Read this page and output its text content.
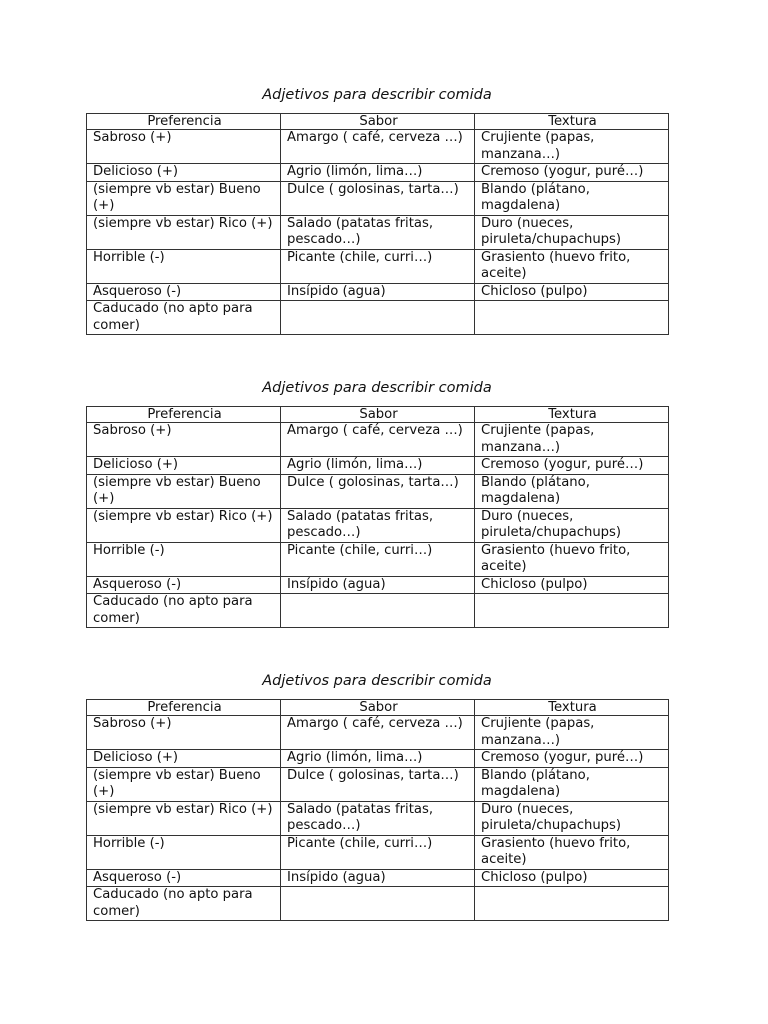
Adjetivos para describir comida
Preferencia	Sabor	Textura
Sabroso (+)	Amargo ( café, cerveza …)	Crujiente (papas, manzana…)
Delicioso (+)	Agrio (limón, lima…)	Cremoso (yogur, puré…)
(siempre vb estar) Bueno (+)	Dulce ( golosinas, tarta…)	Blando (plátano, magdalena)
(siempre vb estar) Rico (+)	Salado (patatas fritas, pescado…)	Duro (nueces, piruleta/chupachups)
Horrible (-)	Picante (chile, curri…)	Grasiento (huevo frito, aceite)
Asqueroso (-)	Insípido (agua)	Chicloso (pulpo)
Caducado (no apto para comer)		
Adjetivos para describir comida
Preferencia	Sabor	Textura
Sabroso (+)	Amargo ( café, cerveza …)	Crujiente (papas, manzana…)
Delicioso (+)	Agrio (limón, lima…)	Cremoso (yogur, puré…)
(siempre vb estar) Bueno (+)	Dulce ( golosinas, tarta…)	Blando (plátano, magdalena)
(siempre vb estar) Rico (+)	Salado (patatas fritas, pescado…)	Duro (nueces, piruleta/chupachups)
Horrible (-)	Picante (chile, curri…)	Grasiento (huevo frito, aceite)
Asqueroso (-)	Insípido (agua)	Chicloso (pulpo)
Caducado (no apto para comer)		
Adjetivos para describir comida
Preferencia	Sabor	Textura
Sabroso (+)	Amargo ( café, cerveza …)	Crujiente (papas, manzana…)
Delicioso (+)	Agrio (limón, lima…)	Cremoso (yogur, puré…)
(siempre vb estar) Bueno (+)	Dulce ( golosinas, tarta…)	Blando (plátano, magdalena)
(siempre vb estar) Rico (+)	Salado (patatas fritas, pescado…)	Duro (nueces, piruleta/chupachups)
Horrible (-)	Picante (chile, curri…)	Grasiento (huevo frito, aceite)
Asqueroso (-)	Insípido (agua)	Chicloso (pulpo)
Caducado (no apto para comer)		
